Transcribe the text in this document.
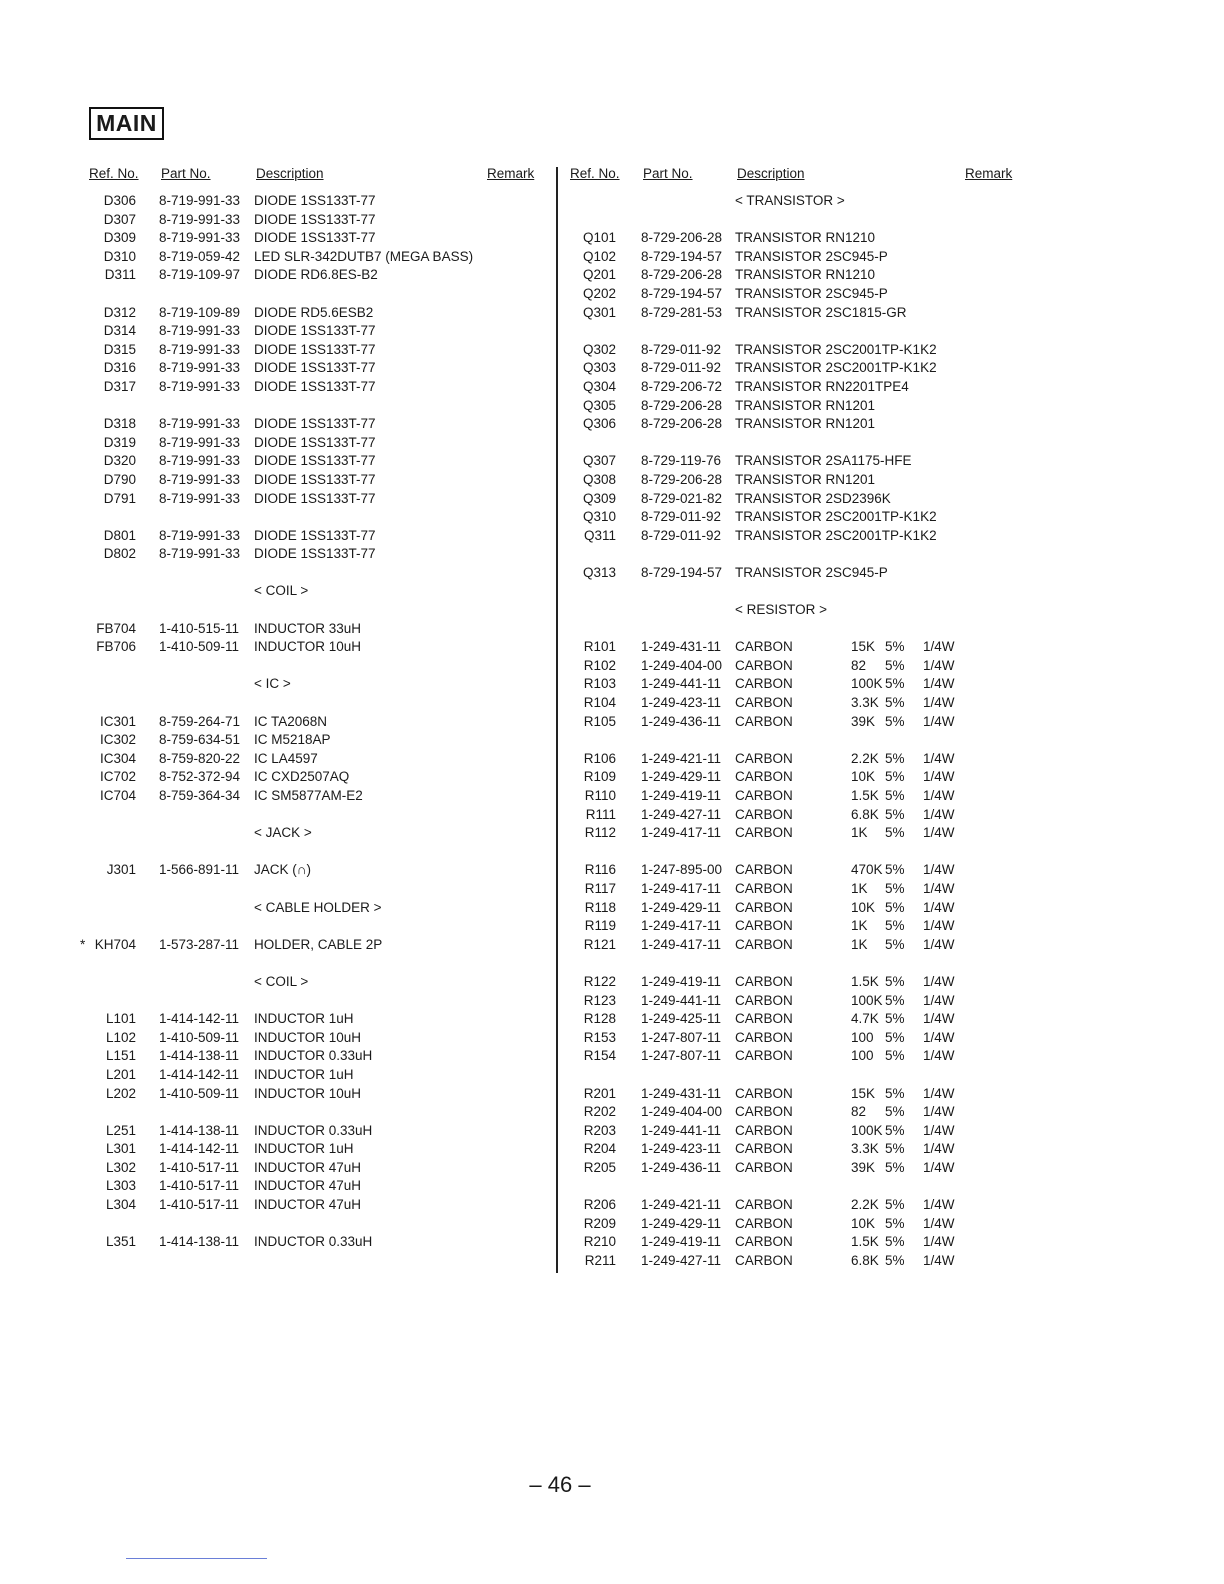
MAIN
Ref. No. Part No.	Description	Remark	Ref. No. Part No.	Description	Remark
D306 8-719-991-33 DIODE 1SS133T-77
D307 8-719-991-33 DIODE 1SS133T-77
D309 8-719-991-33 DIODE 1SS133T-77
D310 8-719-059-42 LED SLR-342DUTB7 (MEGA BASS)
D311 8-719-109-97 DIODE RD6.8ES-B2
D312 8-719-109-89 DIODE RD5.6ESB2
D314 8-719-991-33 DIODE 1SS133T-77
D315 8-719-991-33 DIODE 1SS133T-77
D316 8-719-991-33 DIODE 1SS133T-77
D317 8-719-991-33 DIODE 1SS133T-77
D318 8-719-991-33 DIODE 1SS133T-77
D319 8-719-991-33 DIODE 1SS133T-77
D320 8-719-991-33 DIODE 1SS133T-77
D790 8-719-991-33 DIODE 1SS133T-77
D791 8-719-991-33 DIODE 1SS133T-77
D801 8-719-991-33 DIODE 1SS133T-77
D802 8-719-991-33 DIODE 1SS133T-77
< COIL >
FB704 1-410-515-11 INDUCTOR 33uH
FB706 1-410-509-11 INDUCTOR 10uH
< IC >
IC301 8-759-264-71 IC TA2068N
IC302 8-759-634-51 IC M5218AP
IC304 8-759-820-22 IC LA4597
IC702 8-752-372-94 IC CXD2507AQ
IC704 8-759-364-34 IC SM5877AM-E2
< JACK >
J301 1-566-891-11 JACK (∩)
< CABLE HOLDER >
* KH704 1-573-287-11 HOLDER, CABLE 2P
< COIL >
L101 1-414-142-11 INDUCTOR 1uH
L102 1-410-509-11 INDUCTOR 10uH
L151 1-414-138-11 INDUCTOR 0.33uH
L201 1-414-142-11 INDUCTOR 1uH
L202 1-410-509-11 INDUCTOR 10uH
L251 1-414-138-11 INDUCTOR 0.33uH
L301 1-414-142-11 INDUCTOR 1uH
L302 1-410-517-11 INDUCTOR 47uH
L303 1-410-517-11 INDUCTOR 47uH
L304 1-410-517-11 INDUCTOR 47uH
L351 1-414-138-11 INDUCTOR 0.33uH
< TRANSISTOR >
Q101 8-729-206-28 TRANSISTOR RN1210
Q102 8-729-194-57 TRANSISTOR 2SC945-P
Q201 8-729-206-28 TRANSISTOR RN1210
Q202 8-729-194-57 TRANSISTOR 2SC945-P
Q301 8-729-281-53 TRANSISTOR 2SC1815-GR
Q302 8-729-011-92 TRANSISTOR 2SC2001TP-K1K2
Q303 8-729-011-92 TRANSISTOR 2SC2001TP-K1K2
Q304 8-729-206-72 TRANSISTOR RN2201TPE4
Q305 8-729-206-28 TRANSISTOR RN1201
Q306 8-729-206-28 TRANSISTOR RN1201
Q307 8-729-119-76 TRANSISTOR 2SA1175-HFE
Q308 8-729-206-28 TRANSISTOR RN1201
Q309 8-729-021-82 TRANSISTOR 2SD2396K
Q310 8-729-011-92 TRANSISTOR 2SC2001TP-K1K2
Q311 8-729-011-92 TRANSISTOR 2SC2001TP-K1K2
Q313 8-729-194-57 TRANSISTOR 2SC945-P
< RESISTOR >
R101 1-249-431-11 CARBON	15K 5% 1/4W
R102 1-249-404-00 CARBON	82 5% 1/4W
R103 1-249-441-11 CARBON	100K 5% 1/4W
R104 1-249-423-11 CARBON	3.3K 5% 1/4W
R105 1-249-436-11 CARBON	39K 5% 1/4W
R106 1-249-421-11 CARBON	2.2K 5% 1/4W
R109 1-249-429-11 CARBON	10K 5% 1/4W
R110 1-249-419-11 CARBON	1.5K 5% 1/4W
R111 1-249-427-11 CARBON	6.8K 5% 1/4W
R112 1-249-417-11 CARBON	1K 5% 1/4W
R116 1-247-895-00 CARBON	470K 5% 1/4W
R117 1-249-417-11 CARBON	1K 5% 1/4W
R118 1-249-429-11 CARBON	10K 5% 1/4W
R119 1-249-417-11 CARBON	1K 5% 1/4W
R121 1-249-417-11 CARBON	1K 5% 1/4W
R122 1-249-419-11 CARBON	1.5K 5% 1/4W
R123 1-249-441-11 CARBON	100K 5% 1/4W
R128 1-249-425-11 CARBON	4.7K 5% 1/4W
R153 1-247-807-11 CARBON	100 5% 1/4W
R154 1-247-807-11 CARBON	100 5% 1/4W
R201 1-249-431-11 CARBON	15K 5% 1/4W
R202 1-249-404-00 CARBON	82 5% 1/4W
R203 1-249-441-11 CARBON	100K 5% 1/4W
R204 1-249-423-11 CARBON	3.3K 5% 1/4W
R205 1-249-436-11 CARBON	39K 5% 1/4W
R206 1-249-421-11 CARBON	2.2K 5% 1/4W
R209 1-249-429-11 CARBON	10K 5% 1/4W
R210 1-249-419-11 CARBON	1.5K 5% 1/4W
R211 1-249-427-11 CARBON	6.8K 5% 1/4W
– 46 –
